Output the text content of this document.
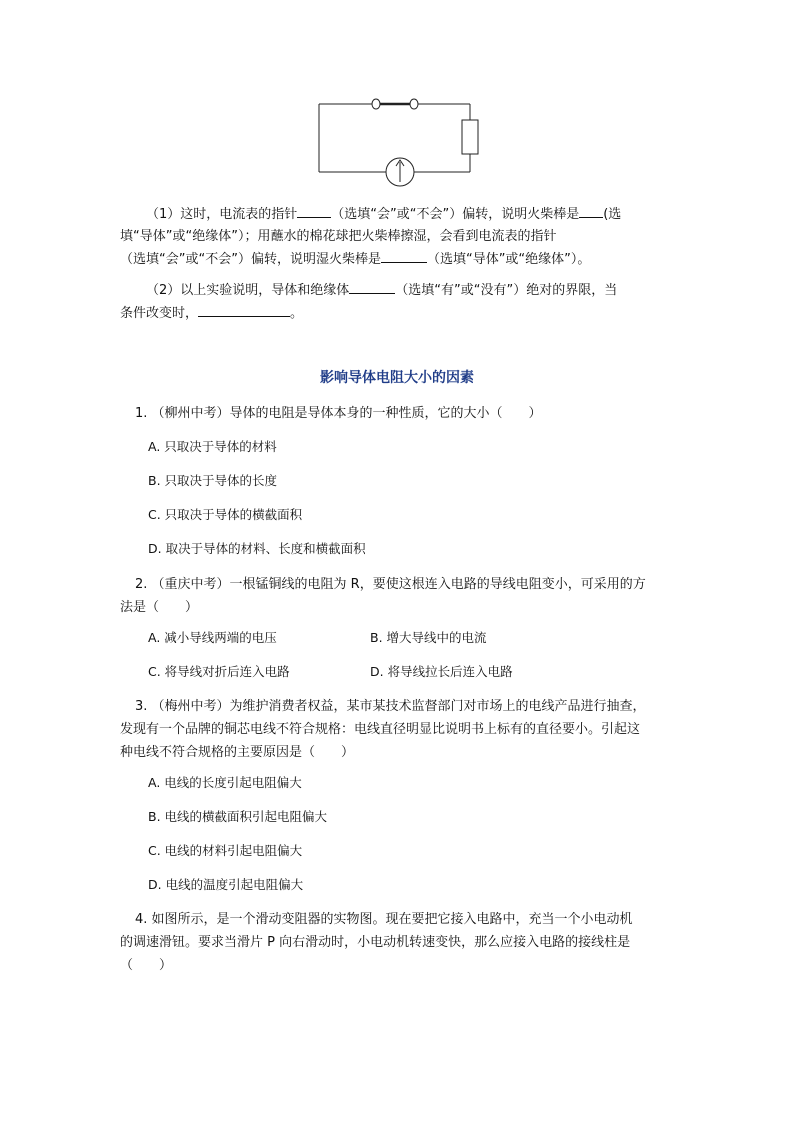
（1）这时，电流表的指针	（选填“会”或“不会”）偏转，说明火柴棒是 (选
填“导体”或“绝缘体”）；用蘸水的棉花球把火柴棒擦湿，会看到电流表的指针
（选填“会”或“不会”）偏转，说明湿火柴棒是	（选填“导体”或“绝缘体”）。
（2）以上实验说明，导体和绝缘体	（选填“有”或“没有”）绝对的界限，当
条件改变时，	。
影响导体电阻大小的因素
1. （柳州中考）导体的电阻是导体本身的一种性质，它的大小（　　）
A. 只取决于导体的材料
B. 只取决于导体的长度
C. 只取决于导体的横截面积
D. 取决于导体的材料、长度和横截面积
2. （重庆中考）一根锰铜线的电阻为 R，要使这根连入电路的导线电阻变小，可采用的方
法是（　　）
A. 减小导线两端的电压	B. 增大导线中的电流
C. 将导线对折后连入电路	D. 将导线拉长后连入电路
3. （梅州中考）为维护消费者权益，某市某技术监督部门对市场上的电线产品进行抽查，
发现有一个品牌的铜芯电线不符合规格：电线直径明显比说明书上标有的直径要小。引起这
种电线不符合规格的主要原因是（　　）
A. 电线的长度引起电阻偏大
B. 电线的横截面积引起电阻偏大
C. 电线的材料引起电阻偏大
D. 电线的温度引起电阻偏大
4. 如图所示，是一个滑动变阻器的实物图。现在要把它接入电路中，充当一个小电动机
的调速滑钮。要求当滑片 P 向右滑动时，小电动机转速变快，那么应接入电路的接线柱是
（　　）
